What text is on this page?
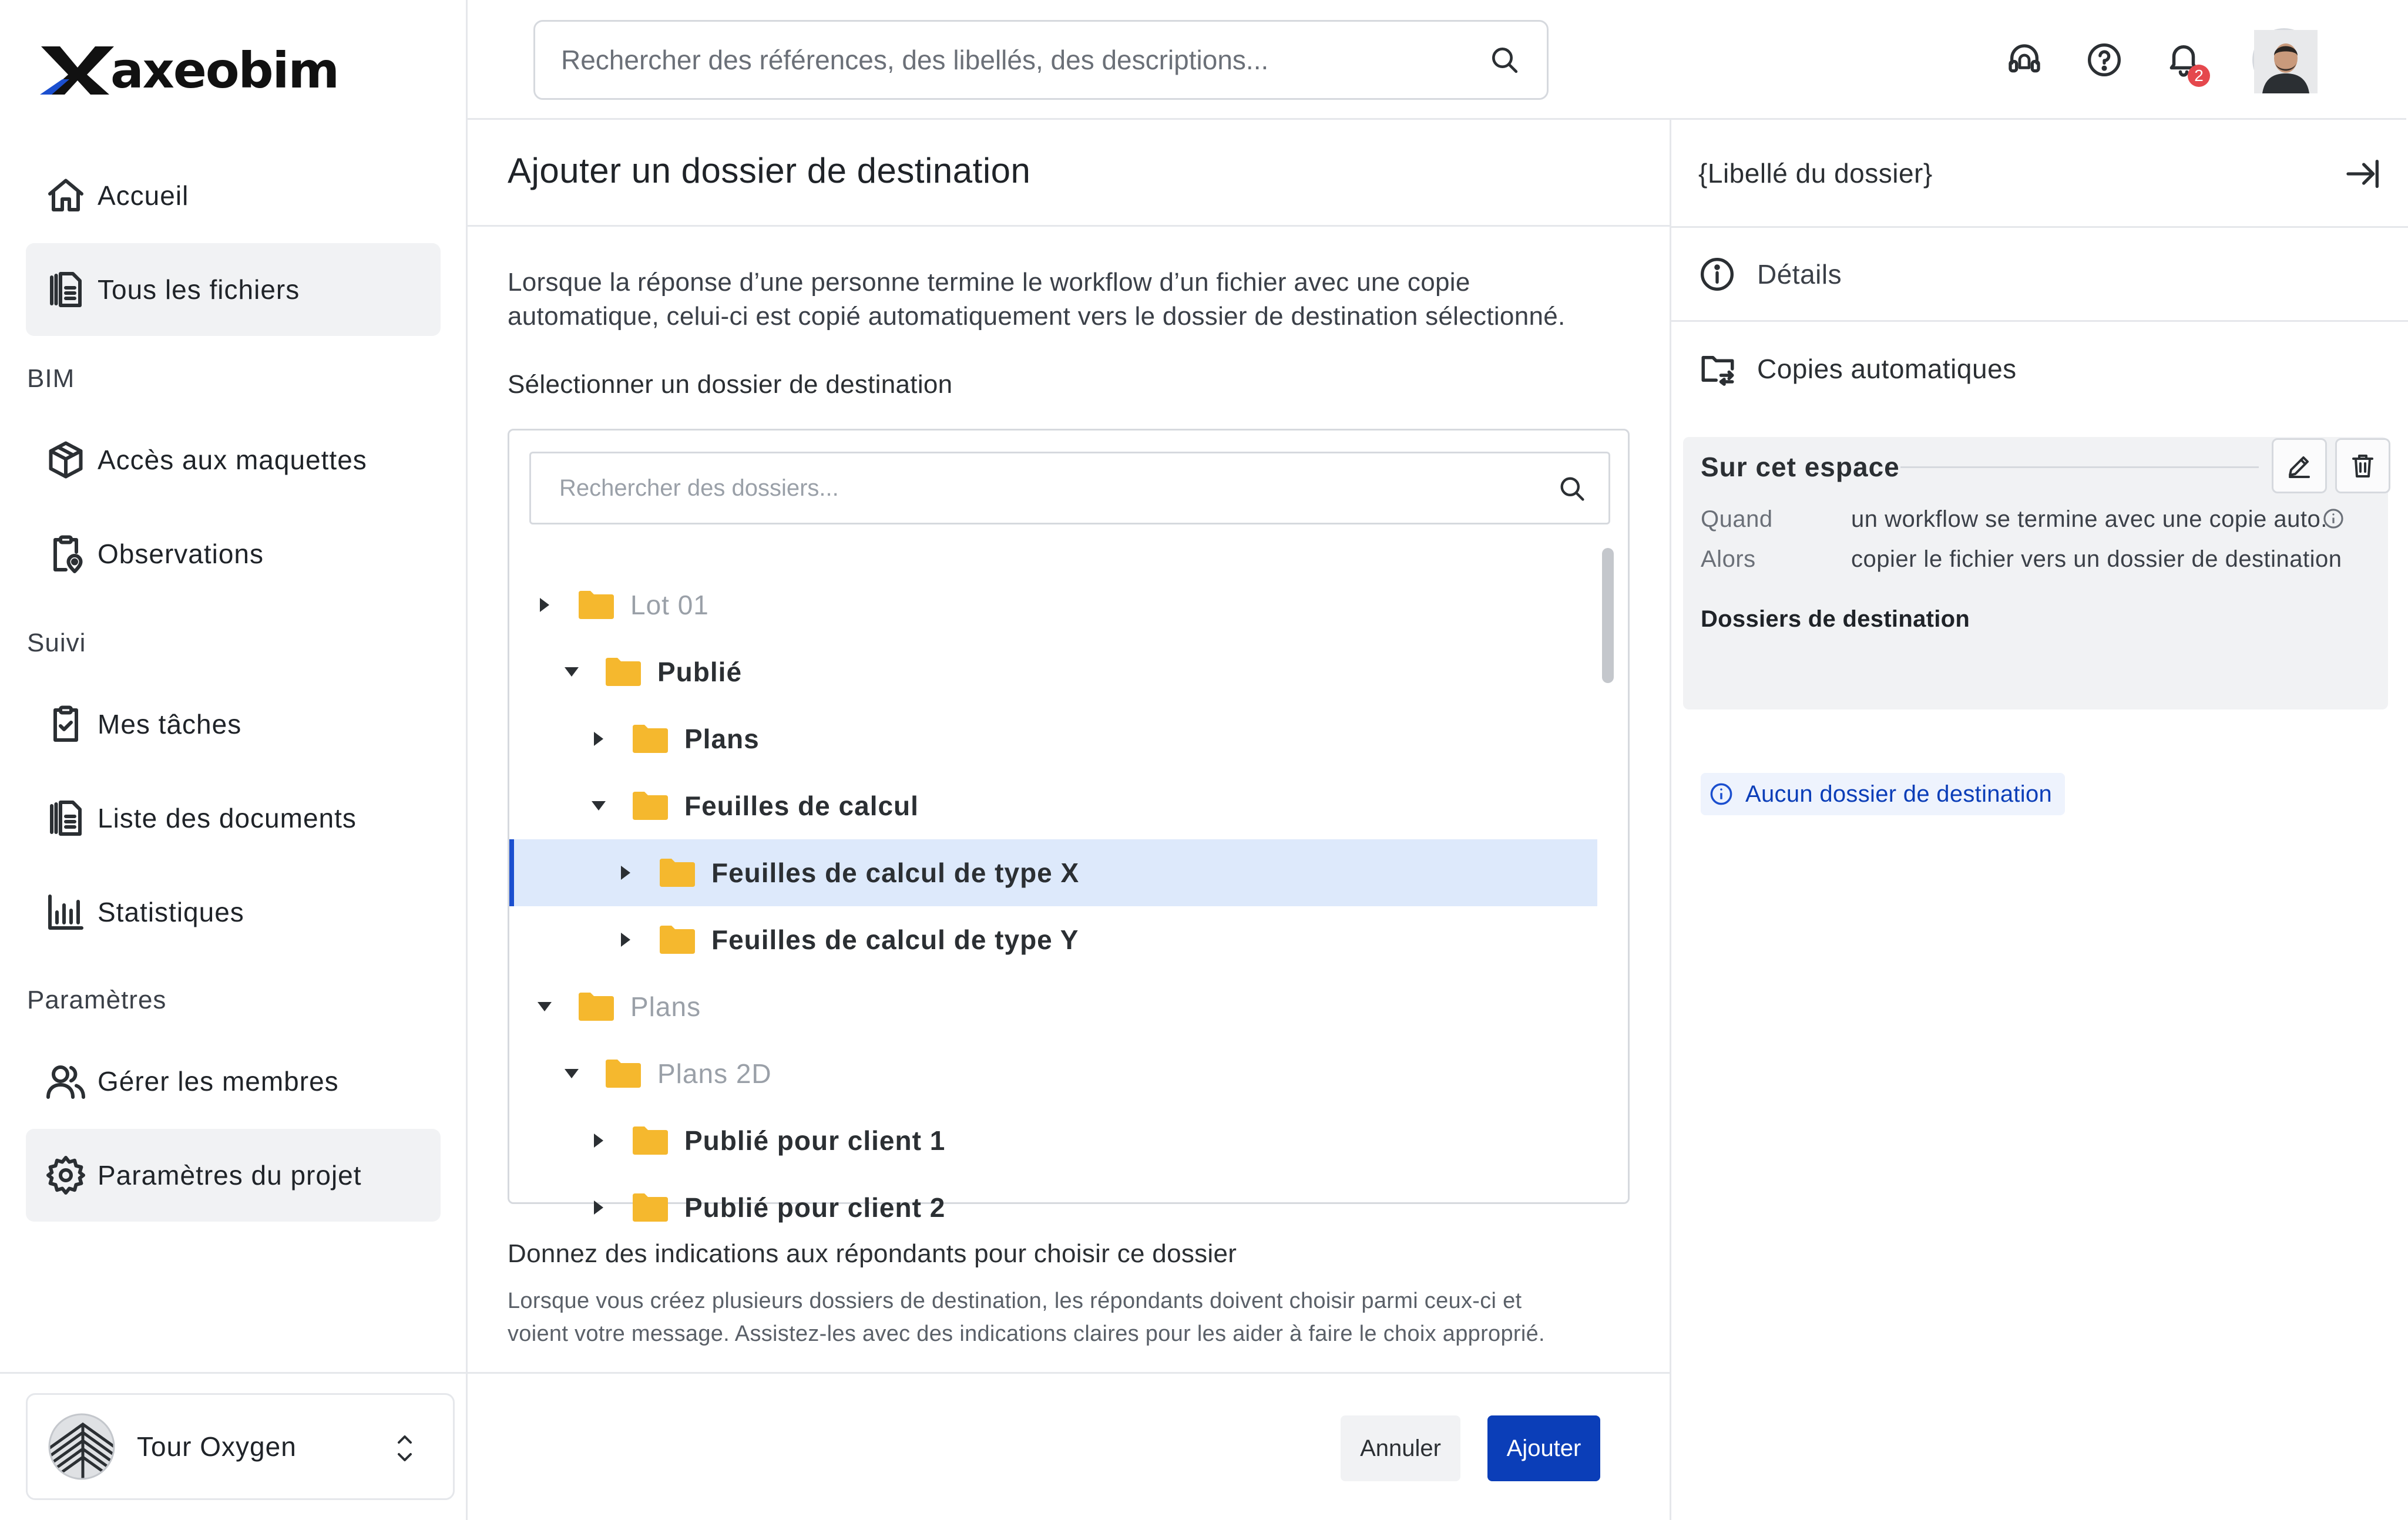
axeobim
Accueil
Tous les fichiers
BIM
Accès aux maquettes
Observations
Suivi
Mes tâches
Liste des documents
Statistiques
Paramètres
Gérer les membres
Paramètres du projet
Tour Oxygen
Rechercher des références, des libellés, des descriptions...
2
Ajouter un dossier de destination
Lorsque la réponse d’une personne termine le workflow d’un fichier avec une copie
automatique, celui-ci est copié automatiquement vers le dossier de destination sélectionné.
Sélectionner un dossier de destination
Rechercher des dossiers...
Lot 01
Publié
Plans
Feuilles de calcul
Feuilles de calcul de type X
Feuilles de calcul de type Y
Plans
Plans 2D
Publié pour client 1
Publié pour client 2
Donnez des indications aux répondants pour choisir ce dossier
Lorsque vous créez plusieurs dossiers de destination, les répondants doivent choisir parmi ceux-ci et
voient votre message. Assistez-les avec des indications claires pour les aider à faire le choix approprié.
Annuler	Ajouter
{Libellé du dossier}
Détails
Copies automatiques
Sur cet espace
Quand	un workflow se termine avec une copie auto.
Alors	copier le fichier vers un dossier de destination
Dossiers de destination
Aucun dossier de destination
